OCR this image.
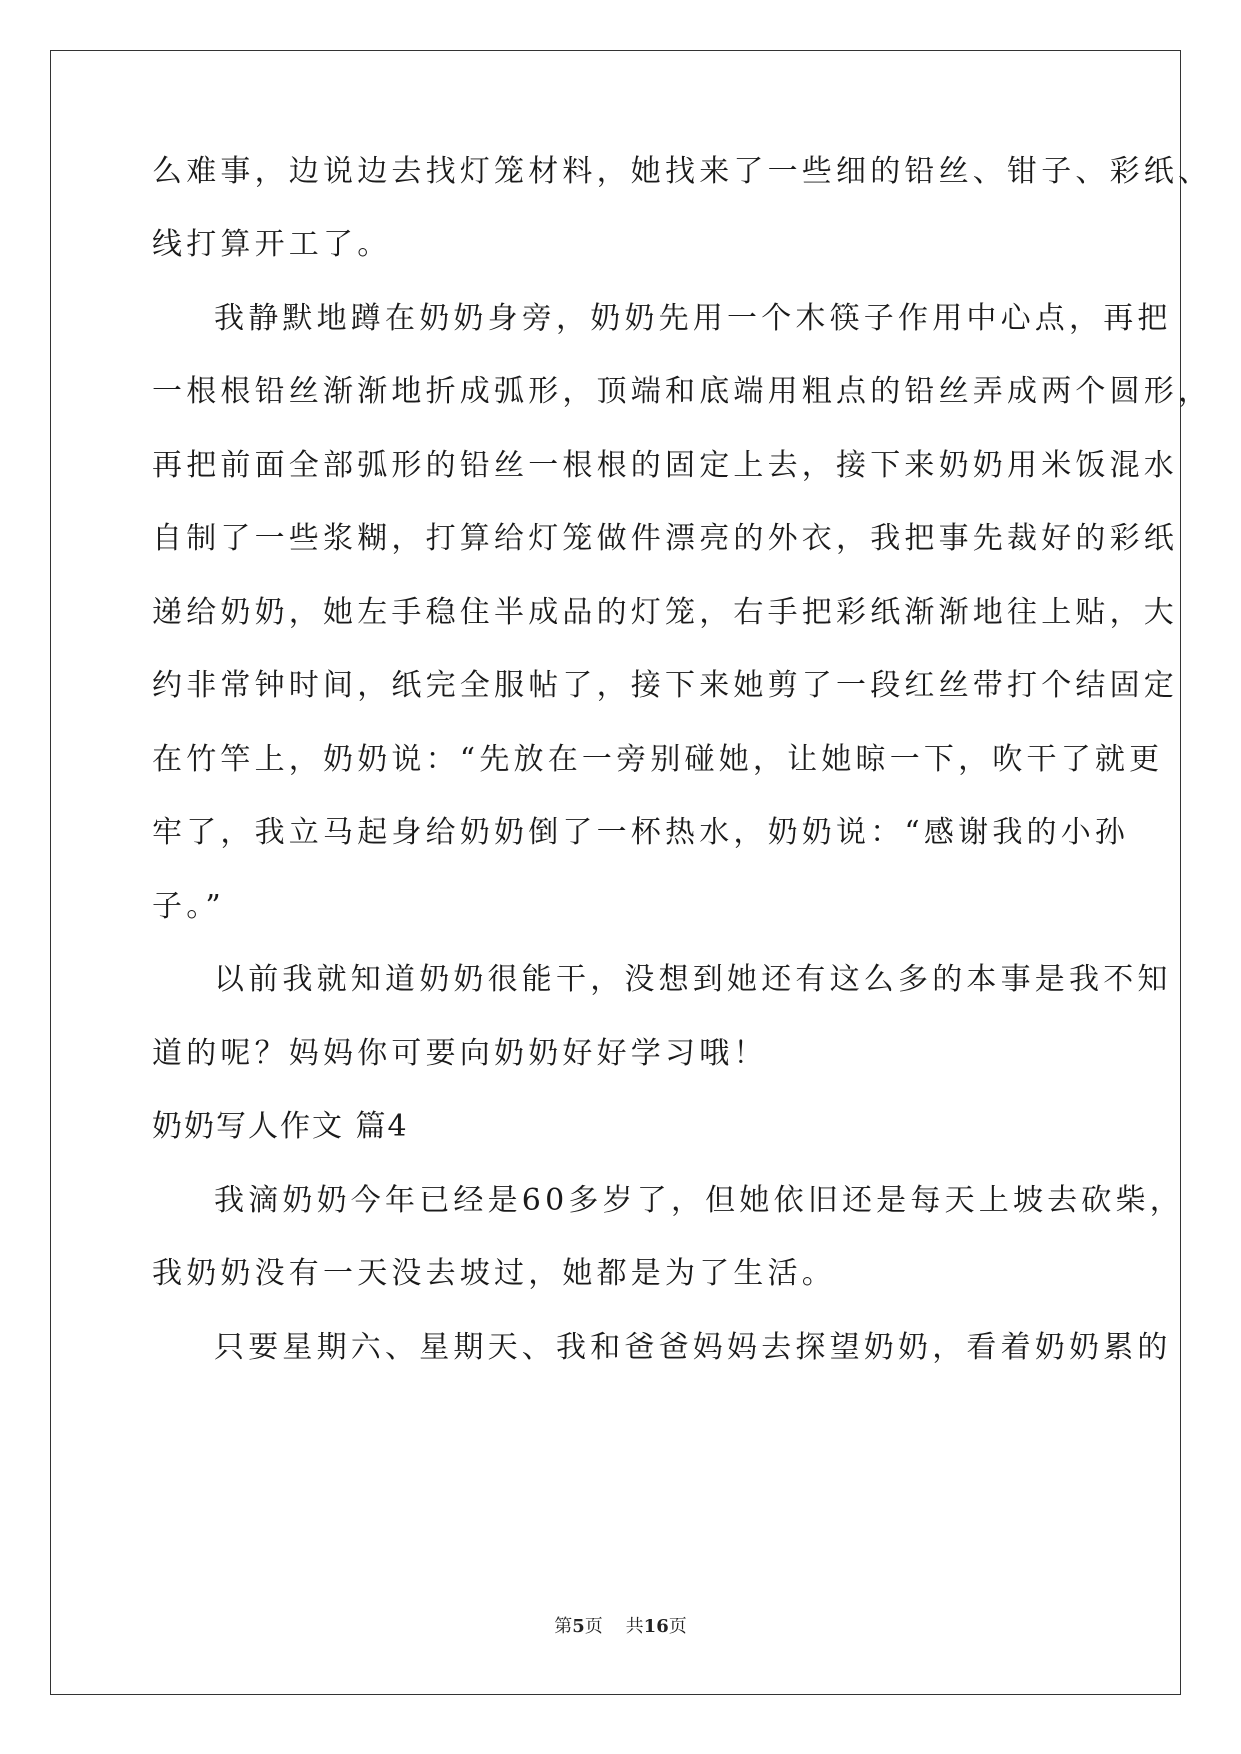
么难事，边说边去找灯笼材料，她找来了一些细的铅丝、钳子、彩纸、
线打算开工了。
我静默地蹲在奶奶身旁，奶奶先用一个木筷子作用中心点，再把
一根根铅丝渐渐地折成弧形，顶端和底端用粗点的铅丝弄成两个圆形，
再把前面全部弧形的铅丝一根根的固定上去，接下来奶奶用米饭混水
自制了一些浆糊，打算给灯笼做件漂亮的外衣，我把事先裁好的彩纸
递给奶奶，她左手稳住半成品的灯笼，右手把彩纸渐渐地往上贴，大
约非常钟时间，纸完全服帖了，接下来她剪了一段红丝带打个结固定
在竹竿上，奶奶说：“先放在一旁别碰她，让她晾一下，吹干了就更
牢了，我立马起身给奶奶倒了一杯热水，奶奶说：“感谢我的小孙
子。”
以前我就知道奶奶很能干，没想到她还有这么多的本事是我不知
道的呢？妈妈你可要向奶奶好好学习哦！
奶奶写人作文 篇4
我滴奶奶今年已经是60多岁了，但她依旧还是每天上坡去砍柴，
我奶奶没有一天没去坡过，她都是为了生活。
只要星期六、星期天、我和爸爸妈妈去探望奶奶，看着奶奶累的
第5页 共16页
